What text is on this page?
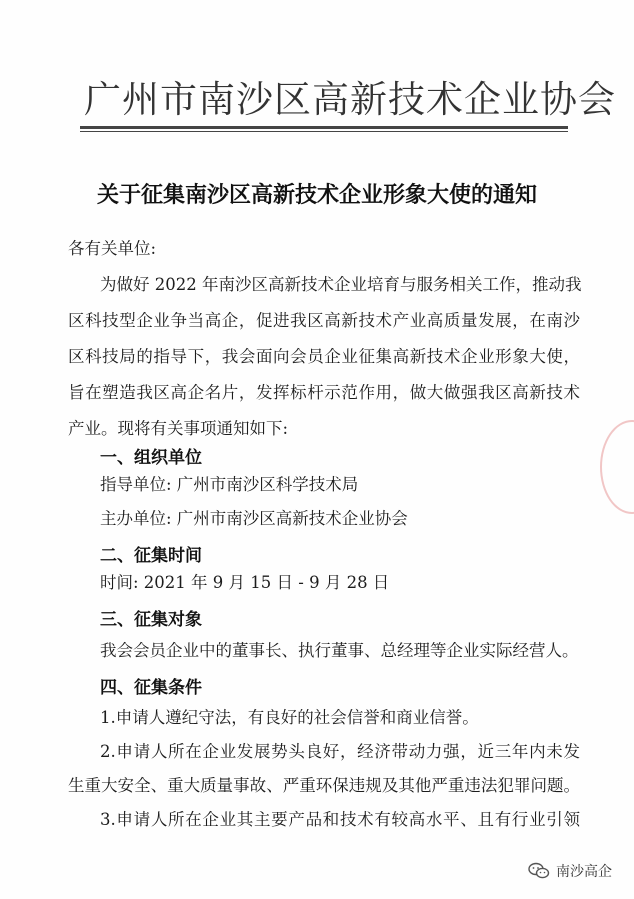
广州市南沙区高新技术企业协会
关于征集南沙区高新技术企业形象大使的通知
各有关单位:
为做好 2022 年南沙区高新技术企业培育与服务相关工作，推动我
区科技型企业争当高企，促进我区高新技术产业高质量发展，在南沙
区科技局的指导下，我会面向会员企业征集高新技术企业形象大使，
旨在塑造我区高企名片，发挥标杆示范作用，做大做强我区高新技术
产业。现将有关事项通知如下:
一、组织单位
指导单位: 广州市南沙区科学技术局
主办单位: 广州市南沙区高新技术企业协会
二、征集时间
时间: 2021 年 9 月 15 日 - 9 月 28 日
三、征集对象
我会会员企业中的董事长、执行董事、总经理等企业实际经营人。
四、征集条件
1.申请人遵纪守法，有良好的社会信誉和商业信誉。
2.申请人所在企业发展势头良好，经济带动力强，近三年内未发
生重大安全、重大质量事故、严重环保违规及其他严重违法犯罪问题。
3.申请人所在企业其主要产品和技术有较高水平、且有行业引领
南沙高企
